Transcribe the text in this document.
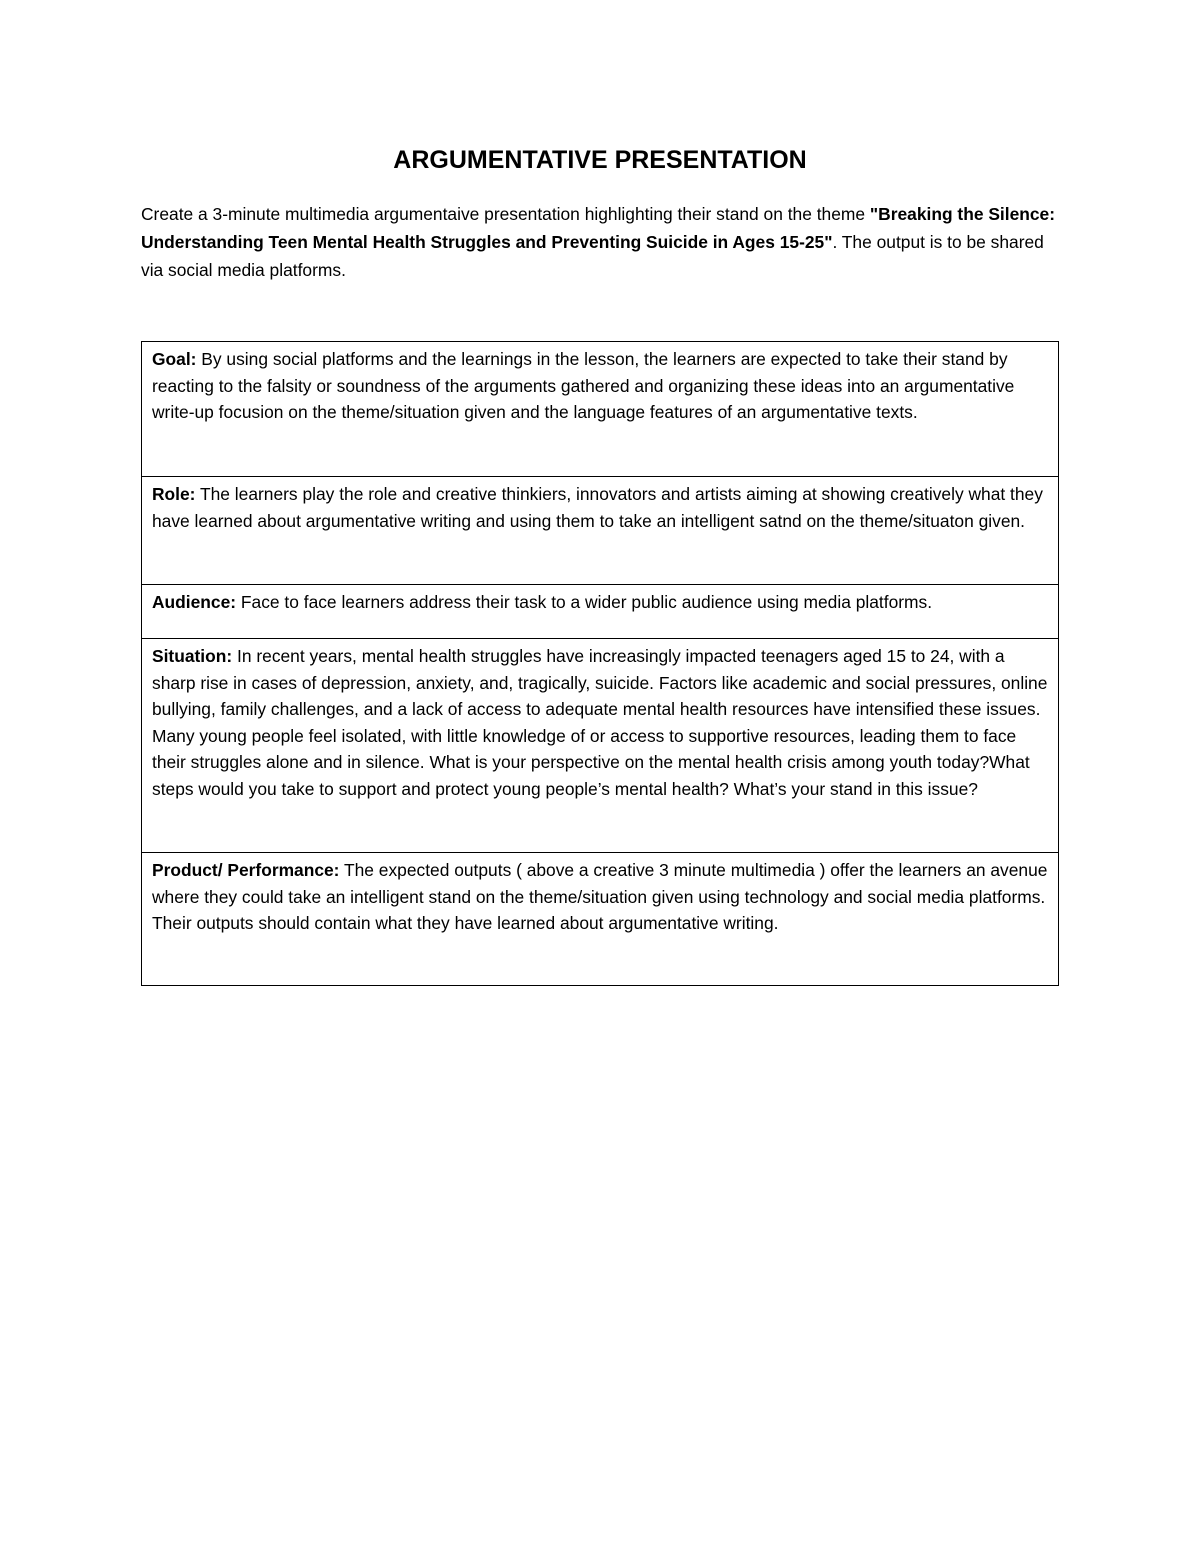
ARGUMENTATIVE PRESENTATION
Create a 3-minute multimedia argumentaive presentation highlighting their stand on the theme "Breaking the Silence: Understanding Teen Mental Health Struggles and Preventing Suicide in Ages 15-25". The output is to be shared via social media platforms.
Goal: By using social platforms and the learnings in the lesson, the learners are expected to take their stand by reacting to the falsity or soundness of the arguments gathered and organizing these ideas into an argumentative write-up focusion on the theme/situation given and the language features of an argumentative texts.
Role: The learners play the role and creative thinkiers, innovators and artists aiming at showing creatively what they have learned about argumentative writing and using them to take an intelligent satnd on the theme/situaton given.
Audience: Face to face learners address their task to a wider public audience using media platforms.
Situation: In recent years, mental health struggles have increasingly impacted teenagers aged 15 to 24, with a sharp rise in cases of depression, anxiety, and, tragically, suicide. Factors like academic and social pressures, online bullying, family challenges, and a lack of access to adequate mental health resources have intensified these issues. Many young people feel isolated, with little knowledge of or access to supportive resources, leading them to face their struggles alone and in silence. What is your perspective on the mental health crisis among youth today?What steps would you take to support and protect young people’s mental health? What’s your stand in this issue?
Product/ Performance: The expected outputs ( above a creative 3 minute multimedia ) offer the learners an avenue where they could take an intelligent stand on the theme/situation given using technology and social media platforms. Their outputs should contain what they have learned about argumentative writing.
